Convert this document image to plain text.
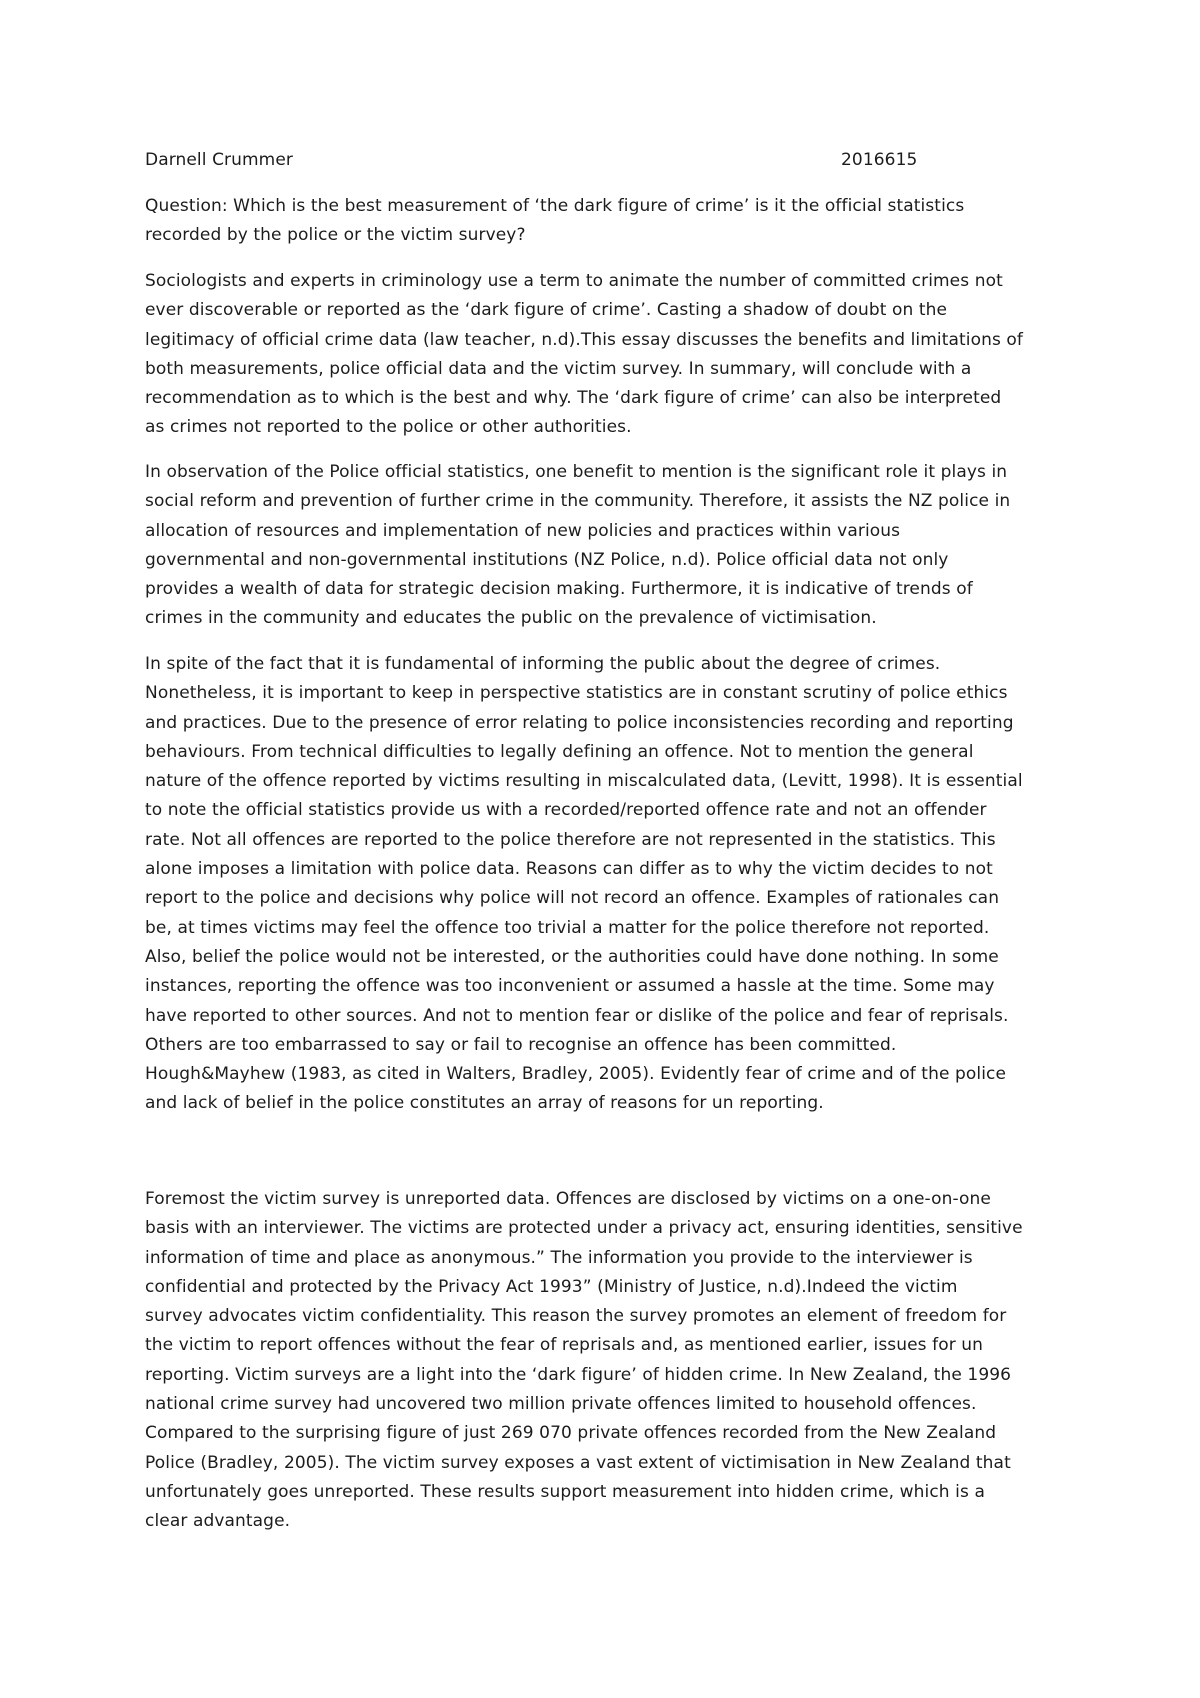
Darnell Crummer	2016615

Question: Which is the best measurement of ‘the dark figure of crime’ is it the official statistics
recorded by the police or the victim survey?

Sociologists and experts in criminology use a term to animate the number of committed crimes not
ever discoverable or reported as the ‘dark figure of crime’. Casting a shadow of doubt on the
legitimacy of official crime data (law teacher, n.d).This essay discusses the benefits and limitations of
both measurements, police official data and the victim survey. In summary, will conclude with a
recommendation as to which is the best and why. The ‘dark figure of crime’ can also be interpreted
as crimes not reported to the police or other authorities.

In observation of the Police official statistics, one benefit to mention is the significant role it plays in
social reform and prevention of further crime in the community. Therefore, it assists the NZ police in
allocation of resources and implementation of new policies and practices within various
governmental and non-governmental institutions (NZ Police, n.d). Police official data not only
provides a wealth of data for strategic decision making. Furthermore, it is indicative of trends of
crimes in the community and educates the public on the prevalence of victimisation.

In spite of the fact that it is fundamental of informing the public about the degree of crimes.
Nonetheless, it is important to keep in perspective statistics are in constant scrutiny of police ethics
and practices. Due to the presence of error relating to police inconsistencies recording and reporting
behaviours. From technical difficulties to legally defining an offence. Not to mention the general
nature of the offence reported by victims resulting in miscalculated data, (Levitt, 1998). It is essential
to note the official statistics provide us with a recorded/reported offence rate and not an offender
rate. Not all offences are reported to the police therefore are not represented in the statistics. This
alone imposes a limitation with police data. Reasons can differ as to why the victim decides to not
report to the police and decisions why police will not record an offence. Examples of rationales can
be, at times victims may feel the offence too trivial a matter for the police therefore not reported.
Also, belief the police would not be interested, or the authorities could have done nothing. In some
instances, reporting the offence was too inconvenient or assumed a hassle at the time. Some may
have reported to other sources. And not to mention fear or dislike of the police and fear of reprisals.
Others are too embarrassed to say or fail to recognise an offence has been committed.
Hough&Mayhew (1983, as cited in Walters, Bradley, 2005). Evidently fear of crime and of the police
and lack of belief in the police constitutes an array of reasons for un reporting.

Foremost the victim survey is unreported data. Offences are disclosed by victims on a one-on-one
basis with an interviewer. The victims are protected under a privacy act, ensuring identities, sensitive
information of time and place as anonymous.” The information you provide to the interviewer is
confidential and protected by the Privacy Act 1993” (Ministry of Justice, n.d).Indeed the victim
survey advocates victim confidentiality. This reason the survey promotes an element of freedom for
the victim to report offences without the fear of reprisals and, as mentioned earlier, issues for un
reporting. Victim surveys are a light into the ‘dark figure’ of hidden crime. In New Zealand, the 1996
national crime survey had uncovered two million private offences limited to household offences.
Compared to the surprising figure of just 269 070 private offences recorded from the New Zealand
Police (Bradley, 2005). The victim survey exposes a vast extent of victimisation in New Zealand that
unfortunately goes unreported. These results support measurement into hidden crime, which is a
clear advantage.
